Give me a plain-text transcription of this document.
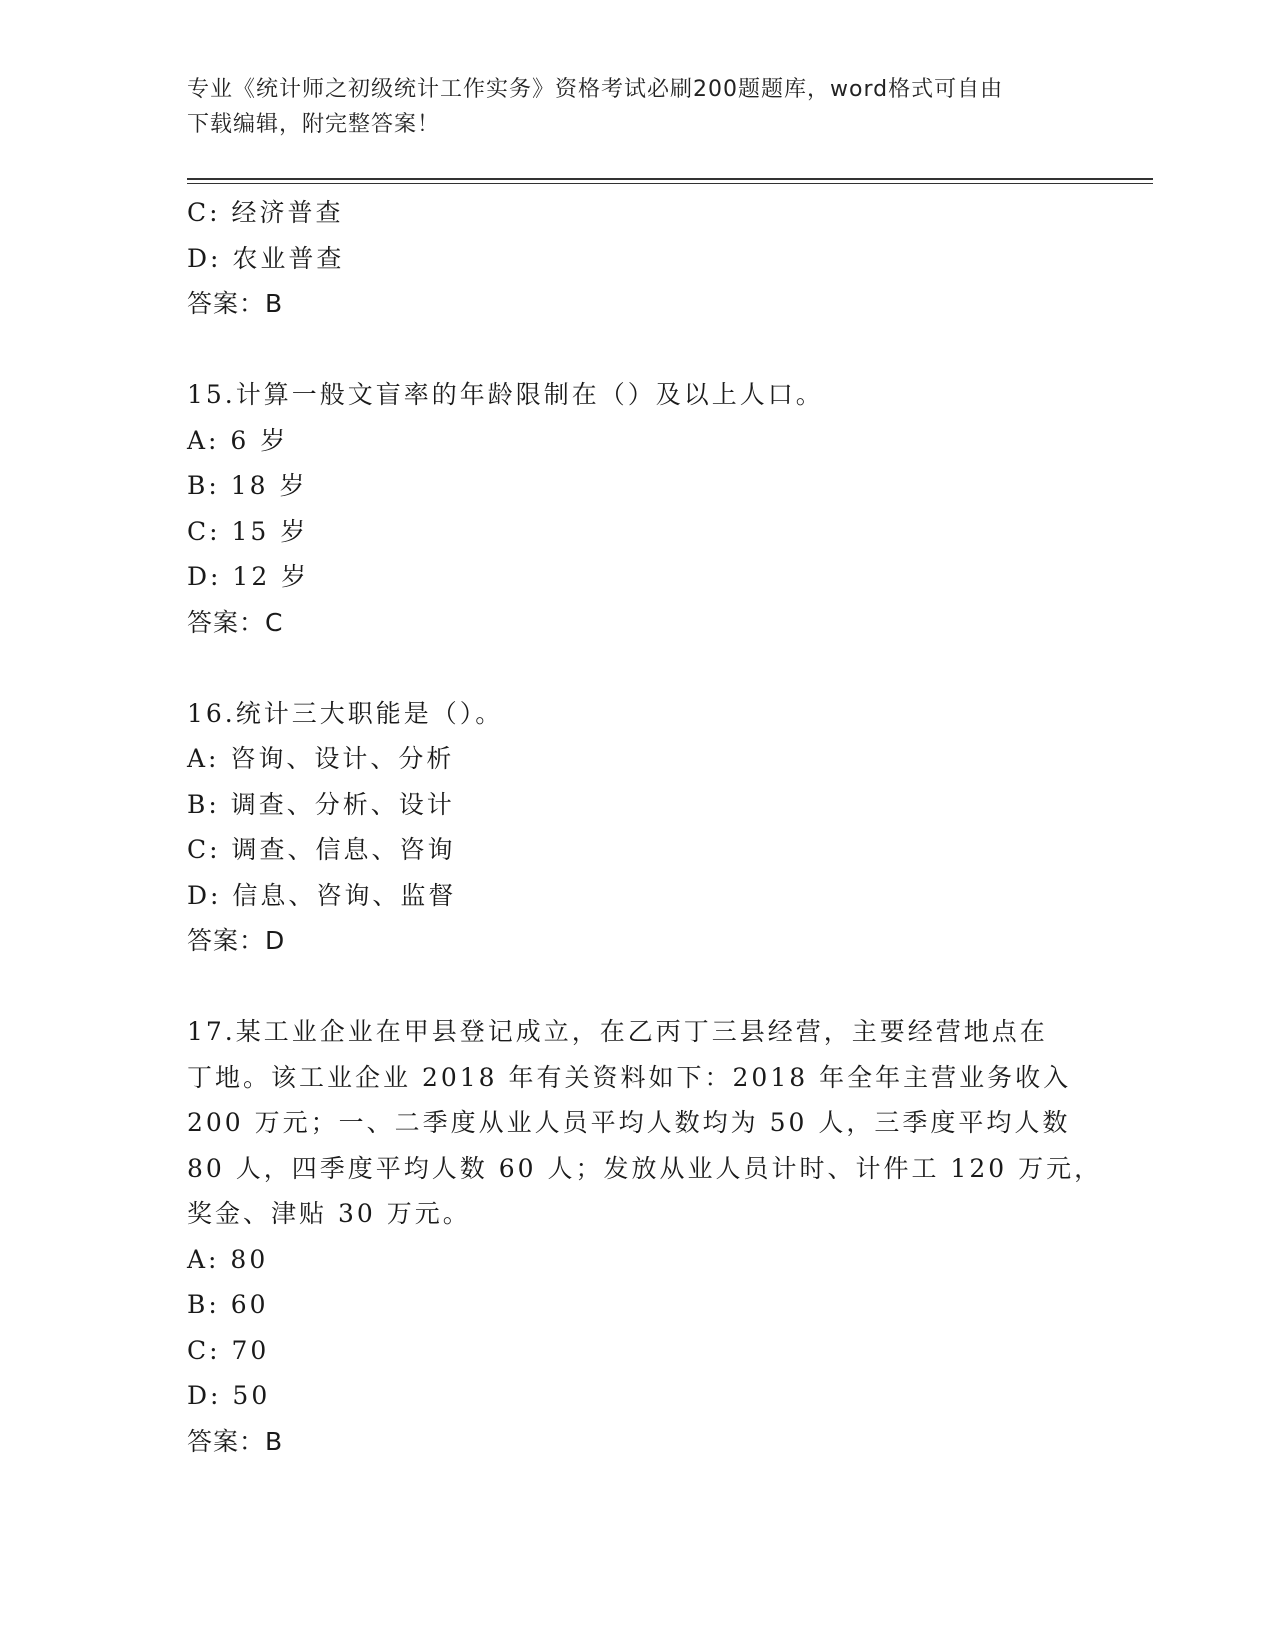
专业《统计师之初级统计工作实务》资格考试必刷200题题库，word格式可自由
下载编辑，附完整答案！
C: 经济普查
D: 农业普查
答案：B
15.计算一般文盲率的年龄限制在（）及以上人口。
A: 6 岁
B: 18 岁
C: 15 岁
D: 12 岁
答案：C
16.统计三大职能是（）。
A: 咨询、设计、分析
B: 调查、分析、设计
C: 调查、信息、咨询
D: 信息、咨询、监督
答案：D
17.某工业企业在甲县登记成立，在乙丙丁三县经营，主要经营地点在
丁地。该工业企业 2018 年有关资料如下：2018 年全年主营业务收入
200 万元；一、二季度从业人员平均人数均为 50 人，三季度平均人数
80 人，四季度平均人数 60 人；发放从业人员计时、计件工 120 万元，
奖金、津贴 30 万元。
A: 80
B: 60
C: 70
D: 50
答案：B
